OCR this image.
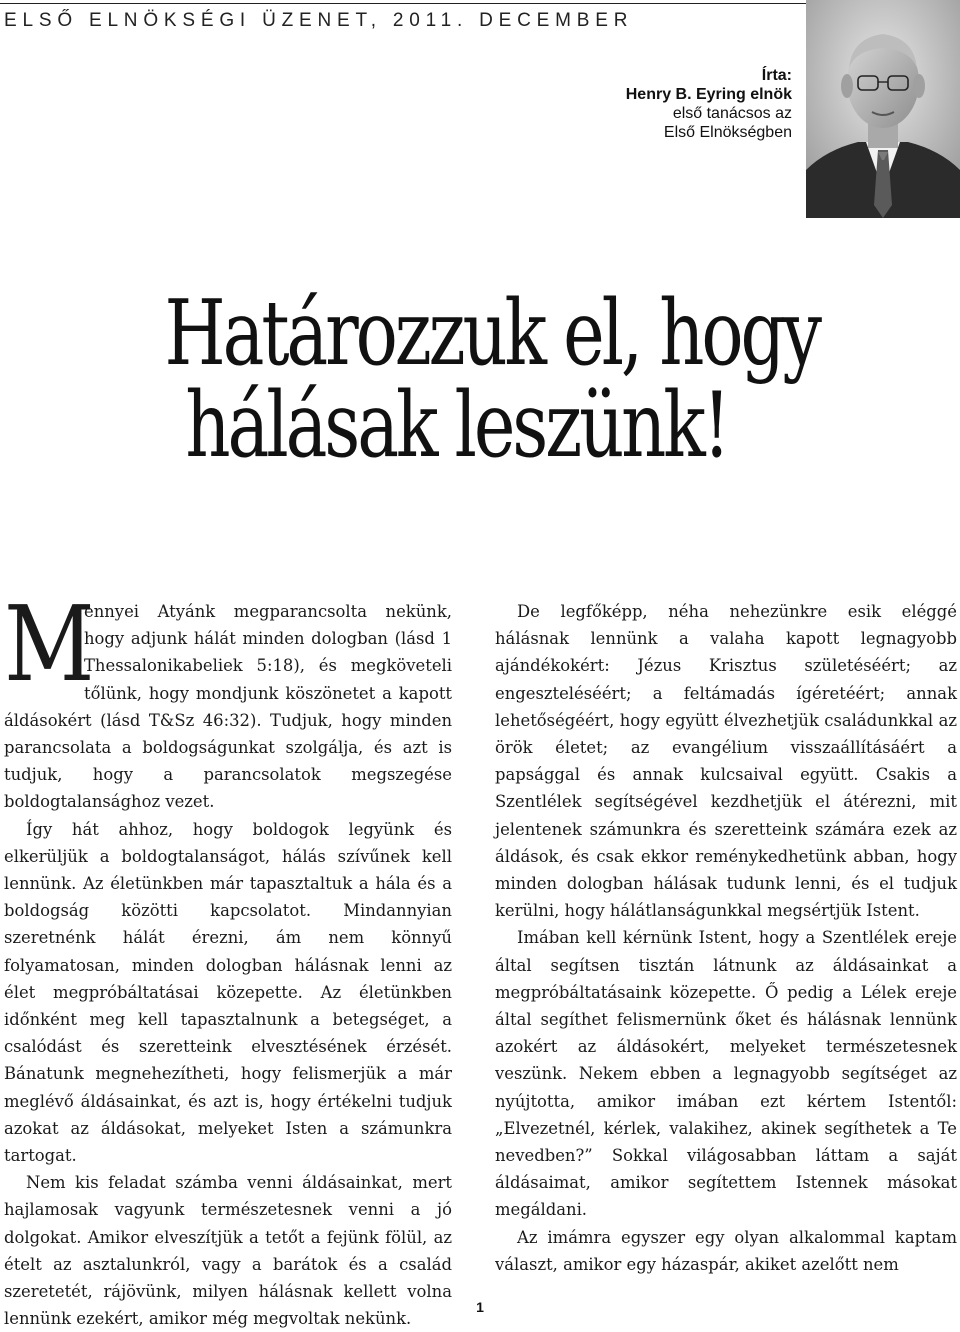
ELSŐ ELNÖKSÉGI ÜZENET, 2011. DECEMBER
Írta:
Henry B. Eyring elnök
első tanácsos az
Első Elnökségben
Határozzuk el, hogy
hálásak leszünk!

M
ennyei Atyánk megparancsolta nekünk, hogy adjunk hálát minden dologban (lásd 1 Thessalonikabeliek 5:18), és megköveteli tőlünk, hogy mondjunk köszönetet a kapott áldásokért (lásd T&Sz 46:32). Tudjuk, hogy minden parancsolata a boldogságunkat szolgálja, és azt is tudjuk, hogy a parancsolatok megszegése boldogtalansághoz vezet.

Így hát ahhoz, hogy boldogok legyünk és elkerüljük a boldogtalanságot, hálás szívűnek kell lennünk. Az életünkben már tapasztaltuk a hála és a boldogság közötti kapcsolatot. Mindannyian szeretnénk hálát érezni, ám nem könnyű folyamatosan, minden dologban hálásnak lenni az élet megpróbáltatásai közepette. Az életünkben időnként meg kell tapasztalnunk a betegséget, a csalódást és szeretteink elvesztésének érzését. Bánatunk megnehezítheti, hogy felismerjük a már meglévő áldásainkat, és azt is, hogy értékelni tudjuk azokat az áldásokat, melyeket Isten a számunkra tartogat.

Nem kis feladat számba venni áldásainkat, mert hajlamosak vagyunk természetesnek venni a jó dolgokat. Amikor elveszítjük a tetőt a fejünk fölül, az ételt az asztalunkról, vagy a barátok és a család szeretetét, rájövünk, milyen hálásnak kellett volna lennünk ezekért, amikor még megvoltak nekünk.

De legfőképp, néha nehezünkre esik eléggé hálásnak lennünk a valaha kapott legnagyobb ajándékokért: Jézus Krisztus születéséért; az engeszteléséért; a feltámadás ígéretéért; annak lehetőségéért, hogy együtt élvezhetjük családunkkal az örök életet; az evangélium visszaállításáért a papsággal és annak kulcsaival együtt. Csakis a Szentlélek segítségével kezdhetjük el átérezni, mit jelentenek számunkra és szeretteink számára ezek az áldások, és csak ekkor reménykedhetünk abban, hogy minden dologban hálásak tudunk lenni, és el tudjuk kerülni, hogy hálátlanságunkkal megsértjük Istent.

Imában kell kérnünk Istent, hogy a Szentlélek ereje által segítsen tisztán látnunk az áldásainkat a megpróbáltatásaink közepette. Ő pedig a Lélek ereje által segíthet felismernünk őket és hálásnak lennünk azokért az áldásokért, melyeket természetesnek veszünk. Nekem ebben a legnagyobb segítséget az nyújtotta, amikor imában ezt kértem Istentől: „Elvezetnél, kérlek, valakihez, akinek segíthetek a Te nevedben?” Sokkal világosabban láttam a saját áldásaimat, amikor segítettem Istennek másokat megáldani.

Az imámra egyszer egy olyan alkalommal kaptam választ, amikor egy házaspár, akiket azelőtt nem

1
